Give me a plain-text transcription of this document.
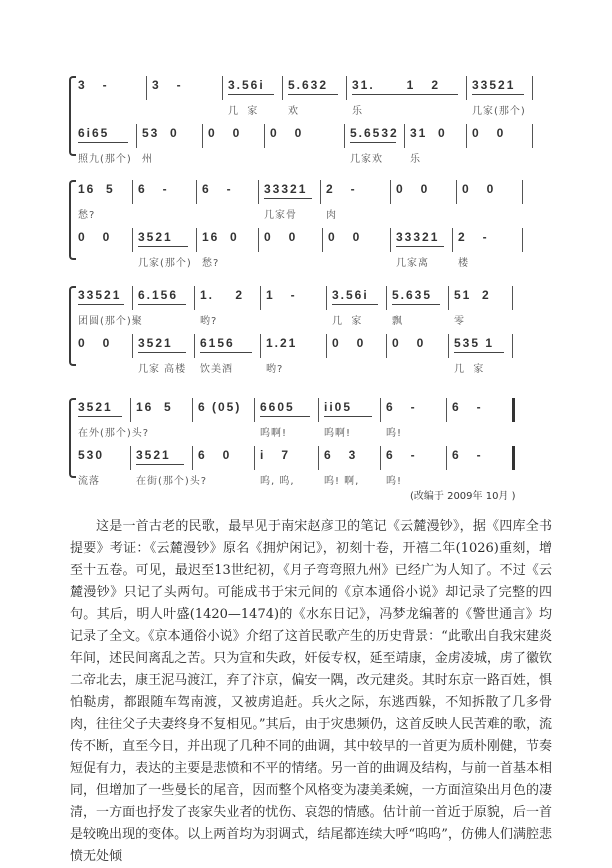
3   -	3   -	3.56i
几  家
5.632
欢
31.      1   2
乐
33521
几家(那个)
6i65
照九(那个)
53  0
州
0   0 0   0	5.6532
几家欢
31  0
乐
0   0
16  5
愁?
6   -	6   -	33321
几家骨
2   -
肉
0   0	0   0
0   0 3521
几家(那个)
16  0
愁?
0   0	0   0	33321
几家离
2   -
楼
33521
团圆(那个)聚
6.156 1.    2
哟?
1   -	3.56i
几  家
5.635
飘
51  2
零
0   0 3521
几家 高楼
6156
饮美酒
1.21
哟?
0   0 0   0 535 1
几  家
3521
在外(那个)头?
16  5 6 (05) 6605
呜啊!
ii05
呜啊!
6   -
呜!
6   -
530
流落
3521
在街(那个)头?
6   0 i   7
呜, 呜,
6   3
呜! 啊,
6   -
呜!
6   -
(改编于 2009年 10月 )

这是一首古老的民歌，最早见于南宋赵彦卫的笔记《云麓漫钞》，据《四库全书提要》考证：《云麓漫钞》原名《拥炉闲记》，初刻十卷，开禧二年(1026)重刻，增至十五卷。可见，最迟至13世纪初，《月子弯弯照九州》已经广为人知了。不过《云麓漫钞》只记了头两句。可能成书于宋元间的《京本通俗小说》却记录了完整的四句。其后，明人叶盛(1420—1474)的《水东日记》，冯梦龙编著的《警世通言》均记录了全文。《京本通俗小说》介绍了这首民歌产生的历史背景：“此歌出自我宋建炎年间，述民间离乱之苦。只为宣和失政，奸佞专权，延至靖康，金虏凌城，虏了徽钦二帝北去，康王泥马渡江，弃了汴京，偏安一隅，改元建炎。其时东京一路百姓，惧怕鞑虏，都跟随车驾南渡，又被虏追赶。兵火之际，东逃西躲，不知拆散了几多骨肉，往往父子夫妻终身不复相见。”其后，由于灾患频仍，这首反映人民苦难的歌，流传不断，直至今日，并出现了几种不同的曲调，其中较早的一首更为质朴刚健，节奏短促有力，表达的主要是悲愤和不平的情绪。另一首的曲调及结构，与前一首基本相同，但增加了一些曼长的尾音，因而整个风格变为凄美柔婉，一方面渲染出月色的凄清，一方面也抒发了丧家失业者的忧伤、哀怨的情感。估计前一首近于原貌，后一首是较晚出现的变体。以上两首均为羽调式，结尾都连续大呼“呜呜”，仿佛人们满腔悲愤无处倾
